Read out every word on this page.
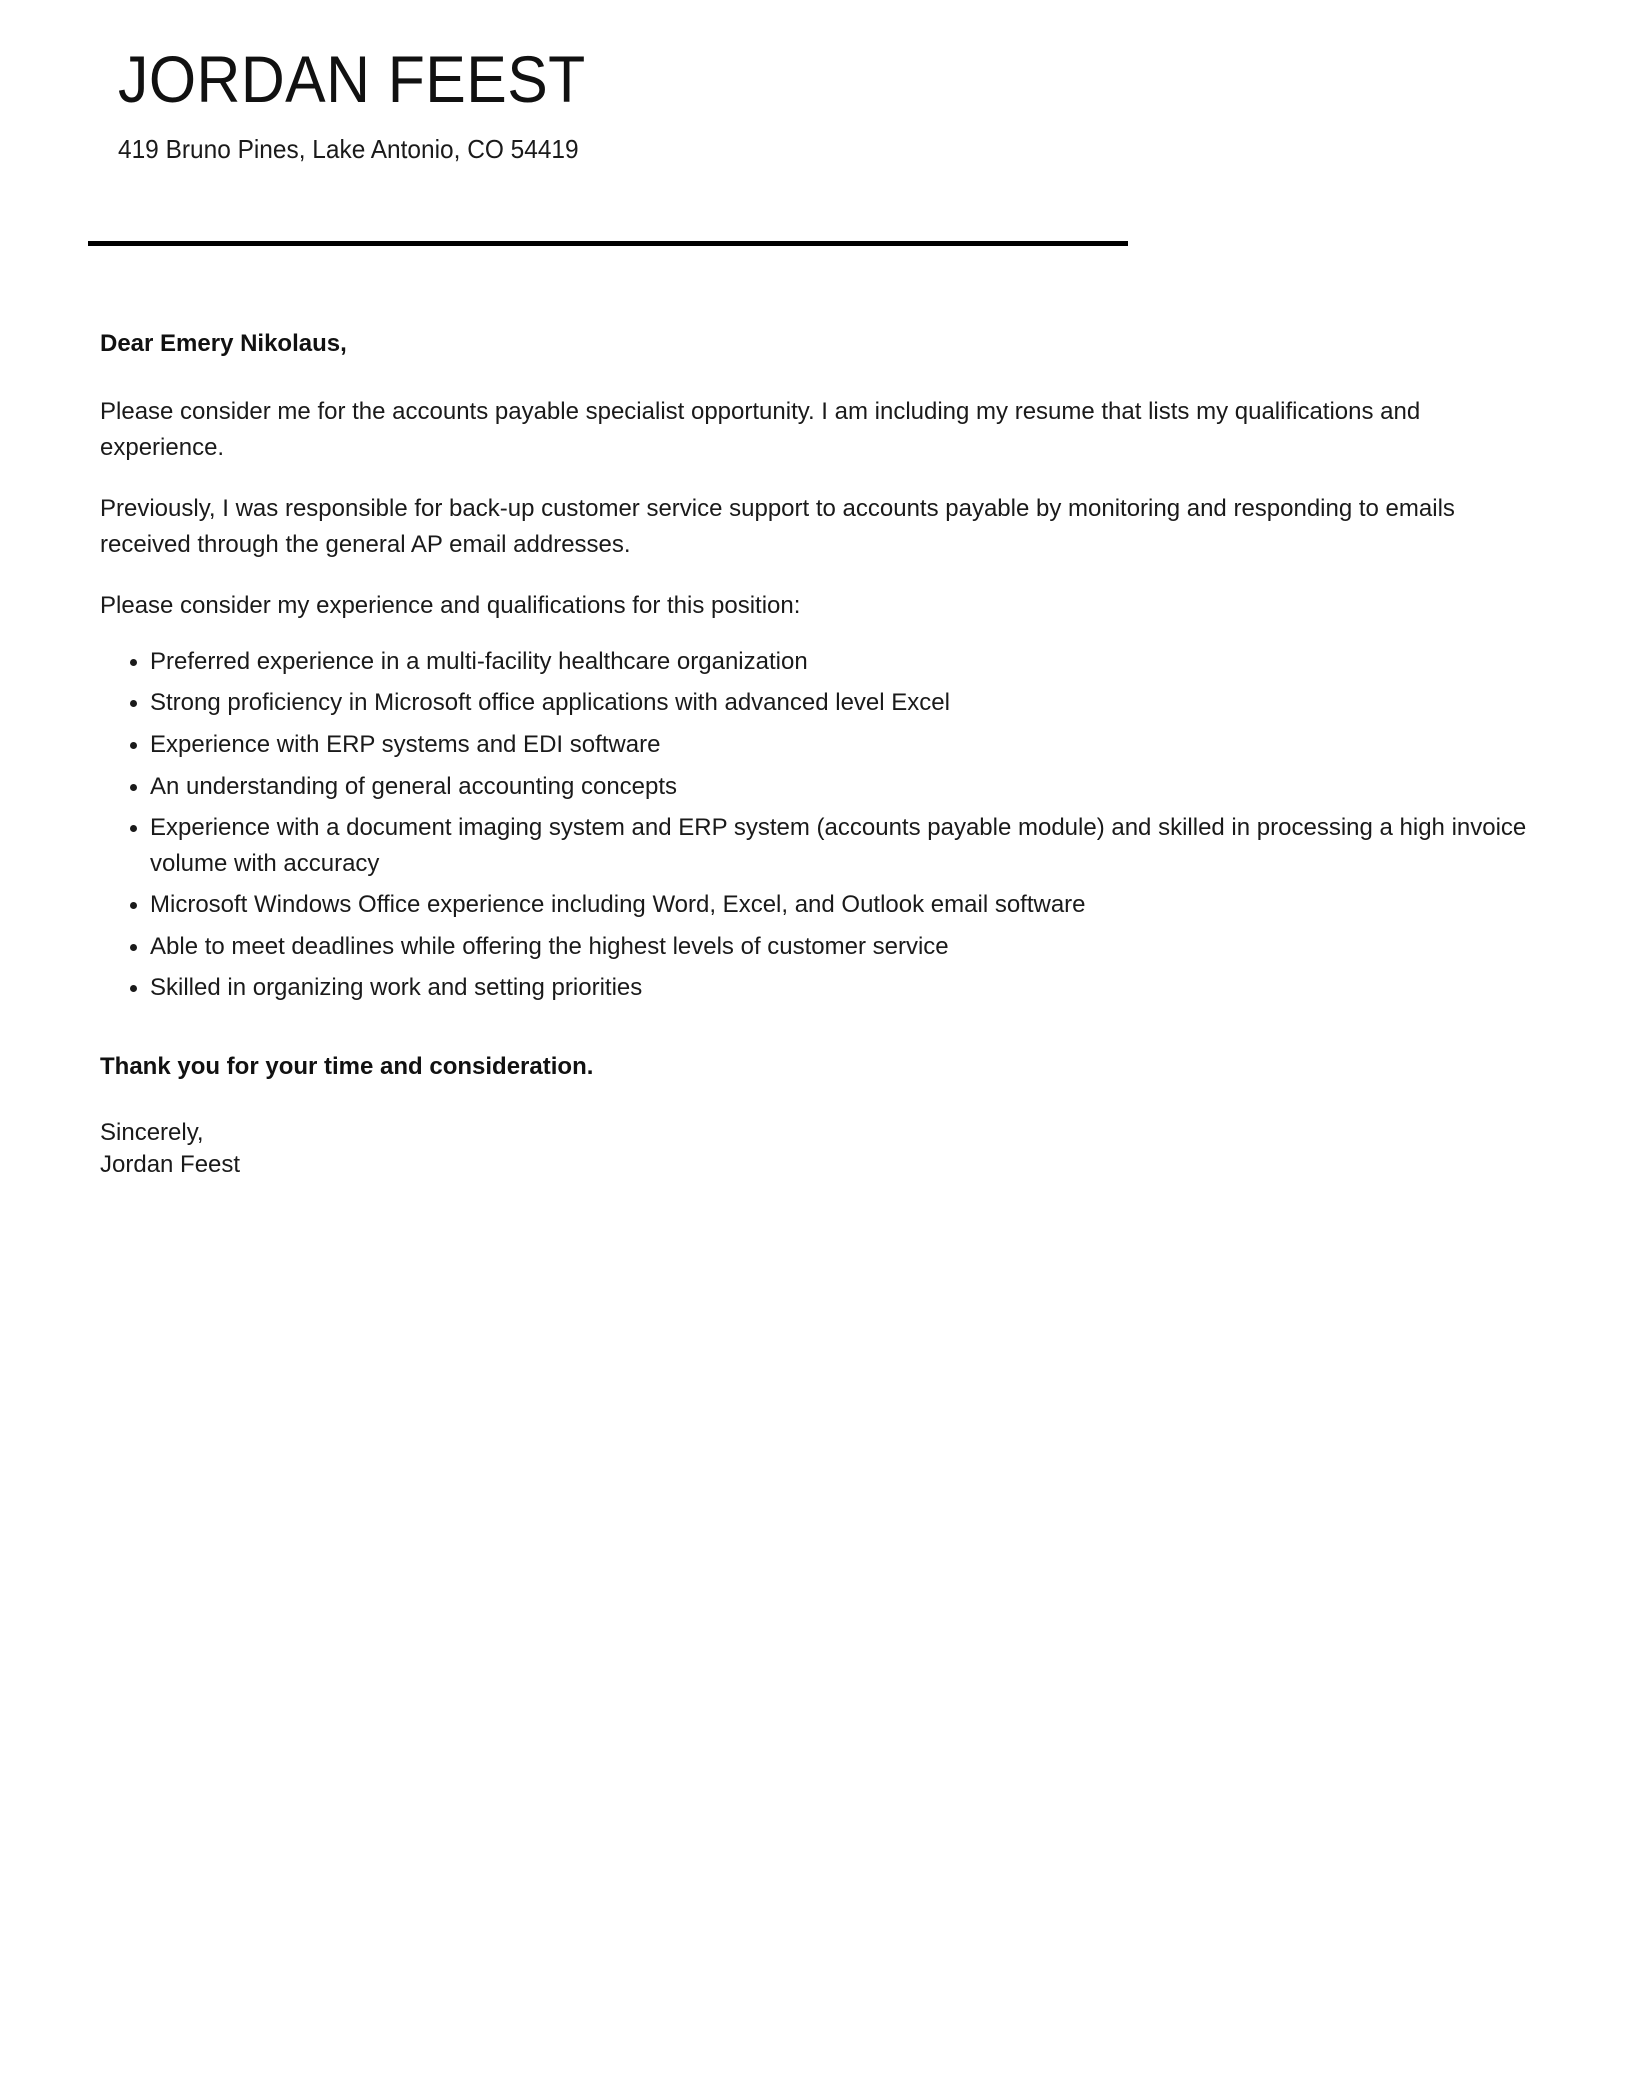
JORDAN FEEST

419 Bruno Pines, Lake Antonio, CO 54419

Dear Emery Nikolaus,

Please consider me for the accounts payable specialist opportunity. I am including my resume that lists my qualifications and experience.

Previously, I was responsible for back-up customer service support to accounts payable by monitoring and responding to emails received through the general AP email addresses.

Please consider my experience and qualifications for this position:

Preferred experience in a multi-facility healthcare organization
Strong proficiency in Microsoft office applications with advanced level Excel
Experience with ERP systems and EDI software
An understanding of general accounting concepts
Experience with a document imaging system and ERP system (accounts payable module) and skilled in processing a high invoice volume with accuracy
Microsoft Windows Office experience including Word, Excel, and Outlook email software
Able to meet deadlines while offering the highest levels of customer service
Skilled in organizing work and setting priorities

Thank you for your time and consideration.

Sincerely,
Jordan Feest
